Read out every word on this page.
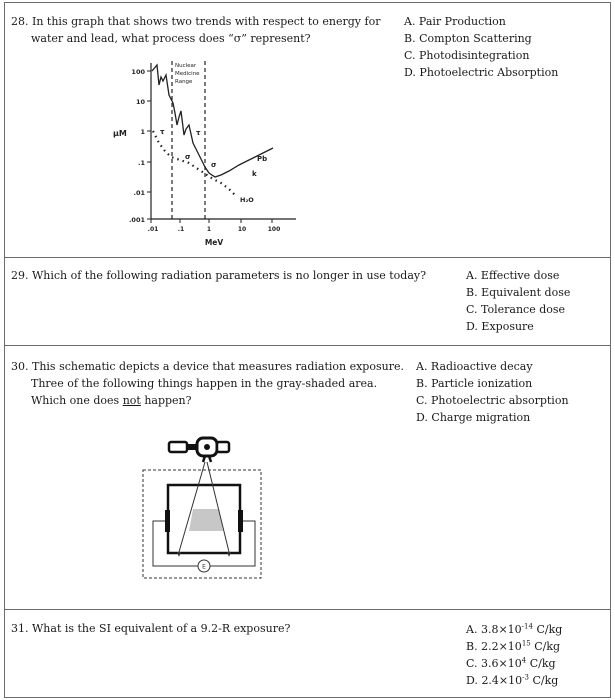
28. In this graph that shows two trends with respect to energy for
water and lead, what process does “σ” represent?
A. Pair Production
B. Compton Scattering
C. Photodisintegration
D. Photoelectric Absorption
100
10
1
.1
.01
.001
μM
.01	.1	1	10	100
MeV
Nuclear
Medicine
Range
τ	τ
σ
σ
Pb
k
H₂O
29. Which of the following radiation parameters is no longer in use today?	A. Effective dose
B. Equivalent dose
C. Tolerance dose
D. Exposure
30. This schematic depicts a device that measures radiation exposure.
Three of the following things happen in the gray-shaded area.
Which one does not happen?
A. Radioactive decay
B. Particle ionization
C. Photoelectric absorption
D. Charge migration
E
31. What is the SI equivalent of a 9.2-R exposure?	A. $3.8\times 10^{-14}$ C/kg
B. $2.2\times 10^{15}$ C/kg
C. $3.6\times 10^4$ C/kg
D. $2.4\times 10^{-3}$ C/kg
